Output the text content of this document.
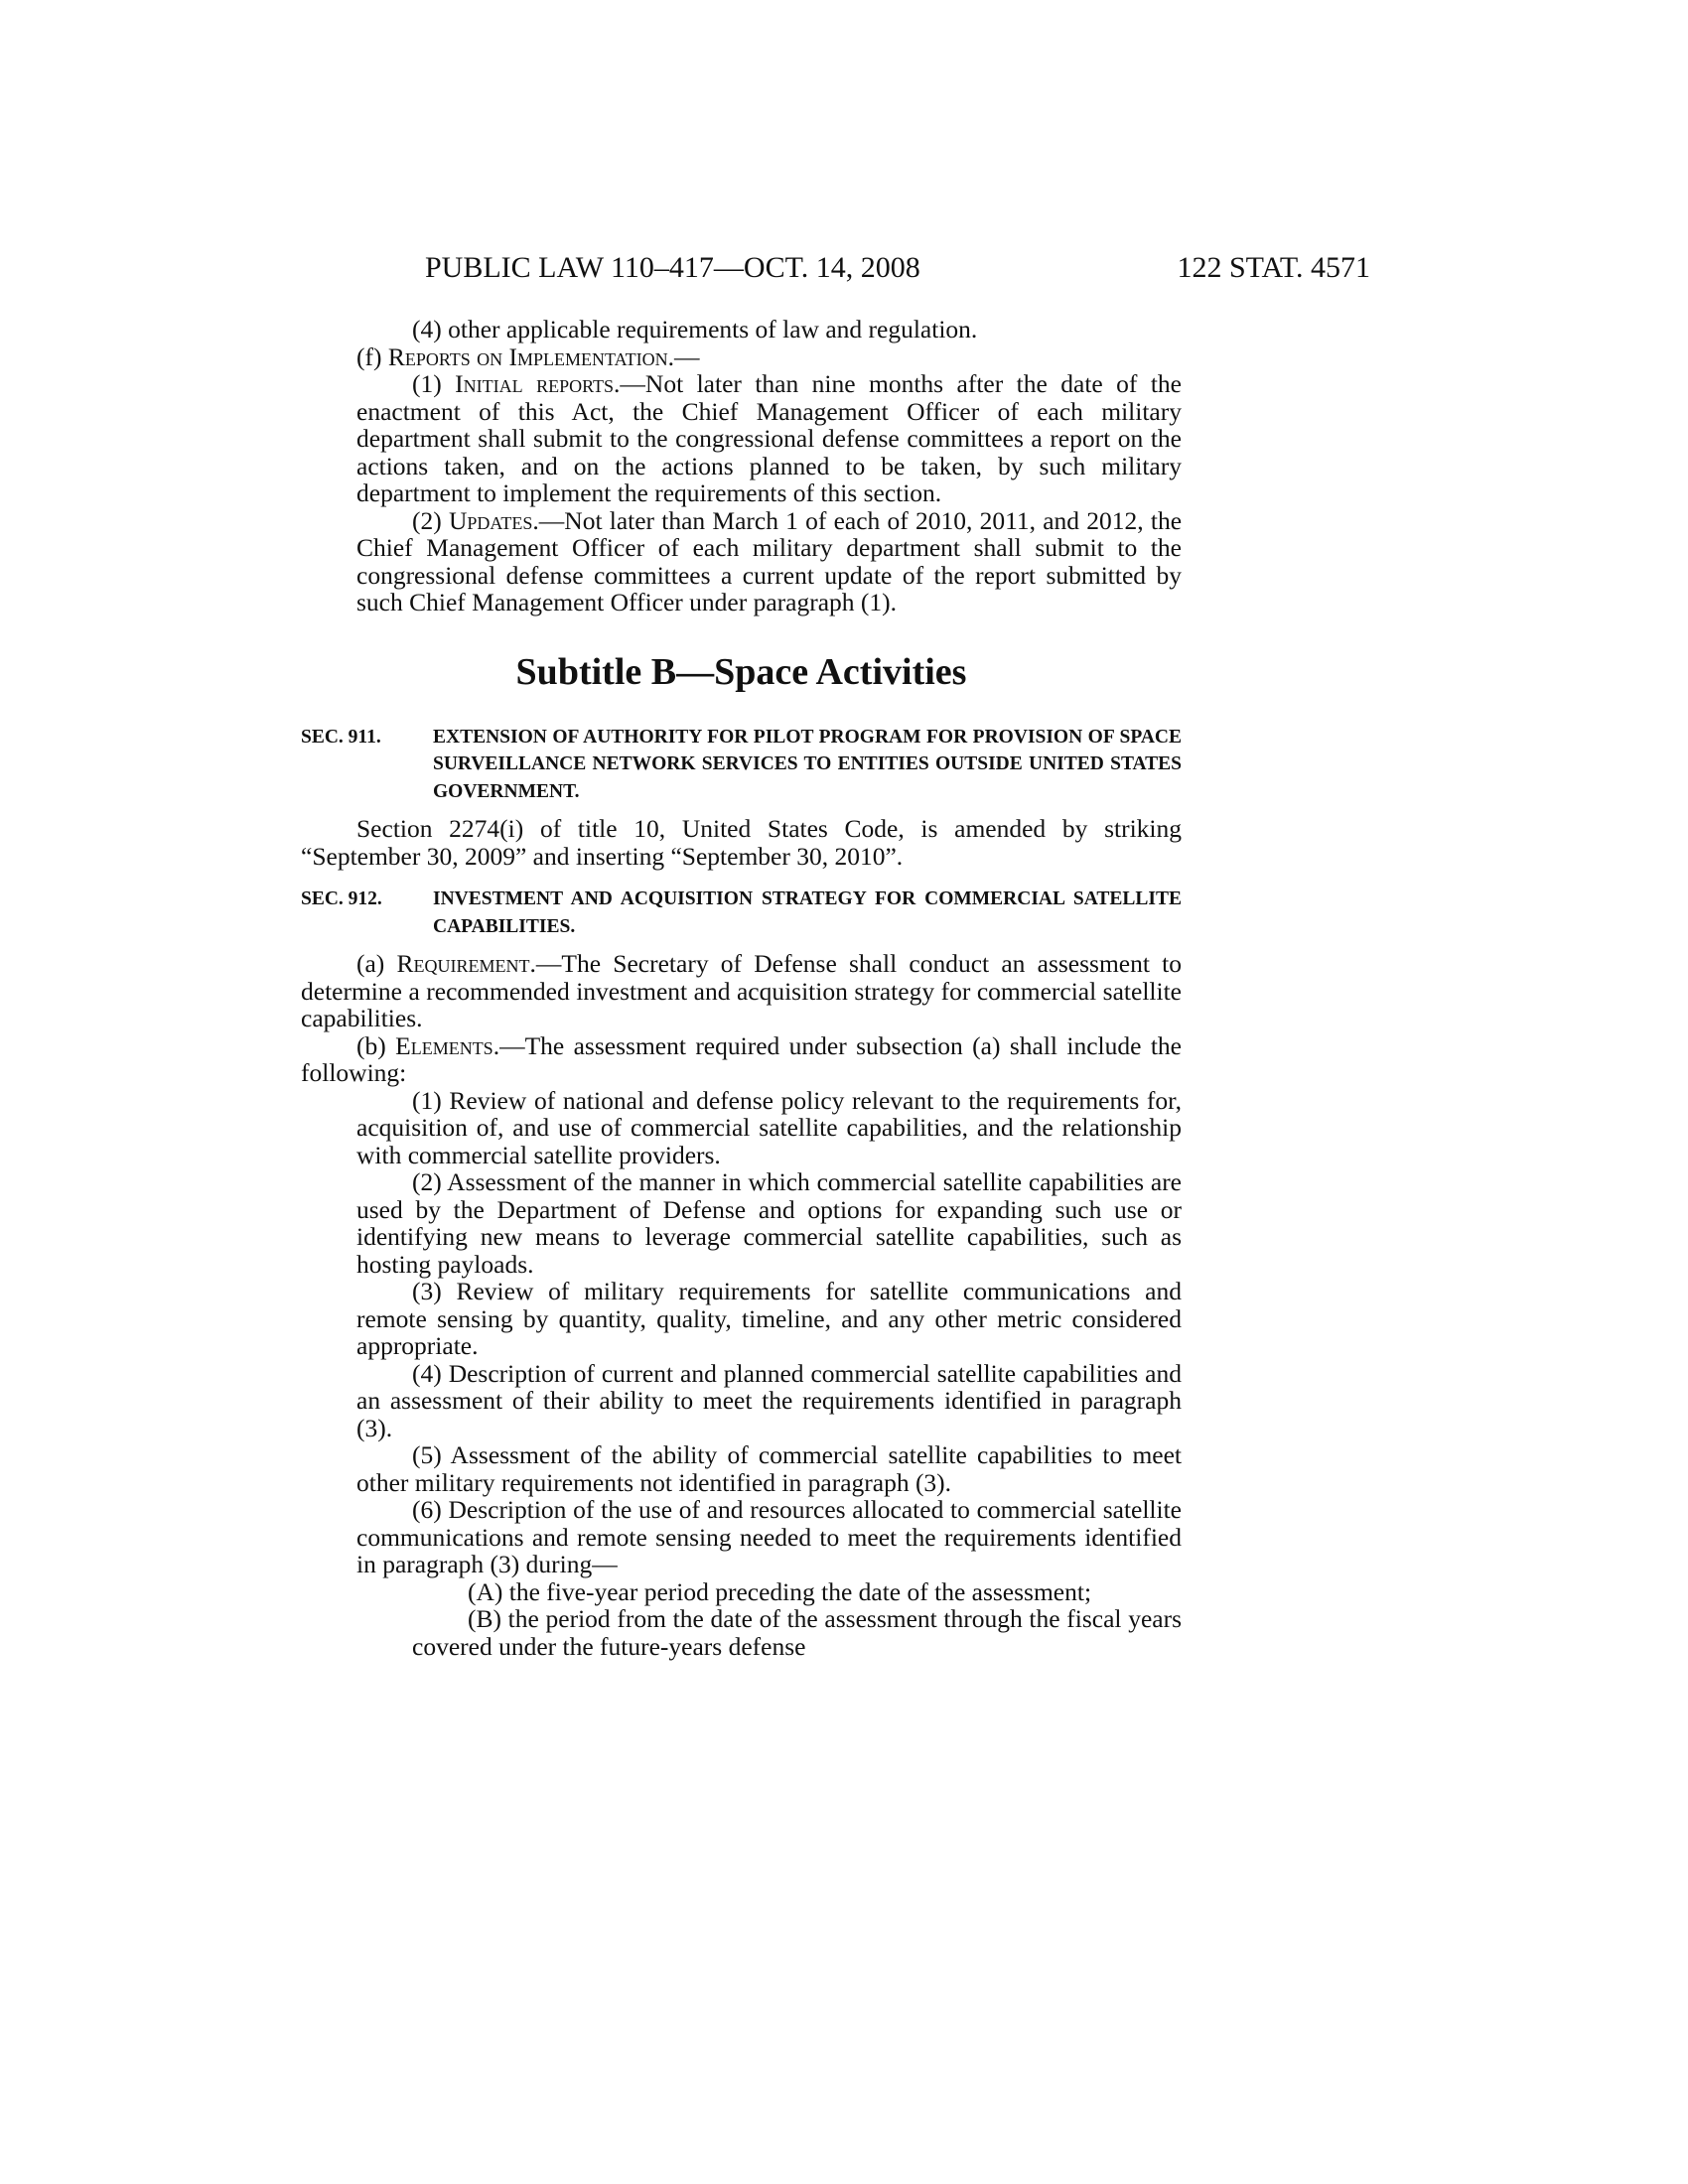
PUBLIC LAW 110–417—OCT. 14, 2008	122 STAT. 4571

(4) other applicable requirements of law and regulation.

(f) Reports on Implementation.—

(1) Initial reports.—Not later than nine months after the date of the enactment of this Act, the Chief Management Officer of each military department shall submit to the congressional defense committees a report on the actions taken, and on the actions planned to be taken, by such military department to implement the requirements of this section.

(2) Updates.—Not later than March 1 of each of 2010, 2011, and 2012, the Chief Management Officer of each military department shall submit to the congressional defense committees a current update of the report submitted by such Chief Management Officer under paragraph (1).

Subtitle B—Space Activities
SEC. 911.	EXTENSION OF AUTHORITY FOR PILOT PROGRAM FOR PROVISION OF SPACE SURVEILLANCE NETWORK SERVICES TO ENTITIES OUTSIDE UNITED STATES GOVERNMENT.

Section 2274(i) of title 10, United States Code, is amended by striking “September 30, 2009” and inserting “September 30, 2010”.

SEC. 912.	INVESTMENT AND ACQUISITION STRATEGY FOR COMMERCIAL SATELLITE CAPABILITIES.

(a) Requirement.—The Secretary of Defense shall conduct an assessment to determine a recommended investment and acquisition strategy for commercial satellite capabilities.

(b) Elements.—The assessment required under subsection (a) shall include the following:

(1) Review of national and defense policy relevant to the requirements for, acquisition of, and use of commercial satellite capabilities, and the relationship with commercial satellite providers.

(2) Assessment of the manner in which commercial satellite capabilities are used by the Department of Defense and options for expanding such use or identifying new means to leverage commercial satellite capabilities, such as hosting payloads.

(3) Review of military requirements for satellite communications and remote sensing by quantity, quality, timeline, and any other metric considered appropriate.

(4) Description of current and planned commercial satellite capabilities and an assessment of their ability to meet the requirements identified in paragraph (3).

(5) Assessment of the ability of commercial satellite capabilities to meet other military requirements not identified in paragraph (3).

(6) Description of the use of and resources allocated to commercial satellite communications and remote sensing needed to meet the requirements identified in paragraph (3) during—

(A) the five-year period preceding the date of the assessment;

(B) the period from the date of the assessment through the fiscal years covered under the future-years defense
